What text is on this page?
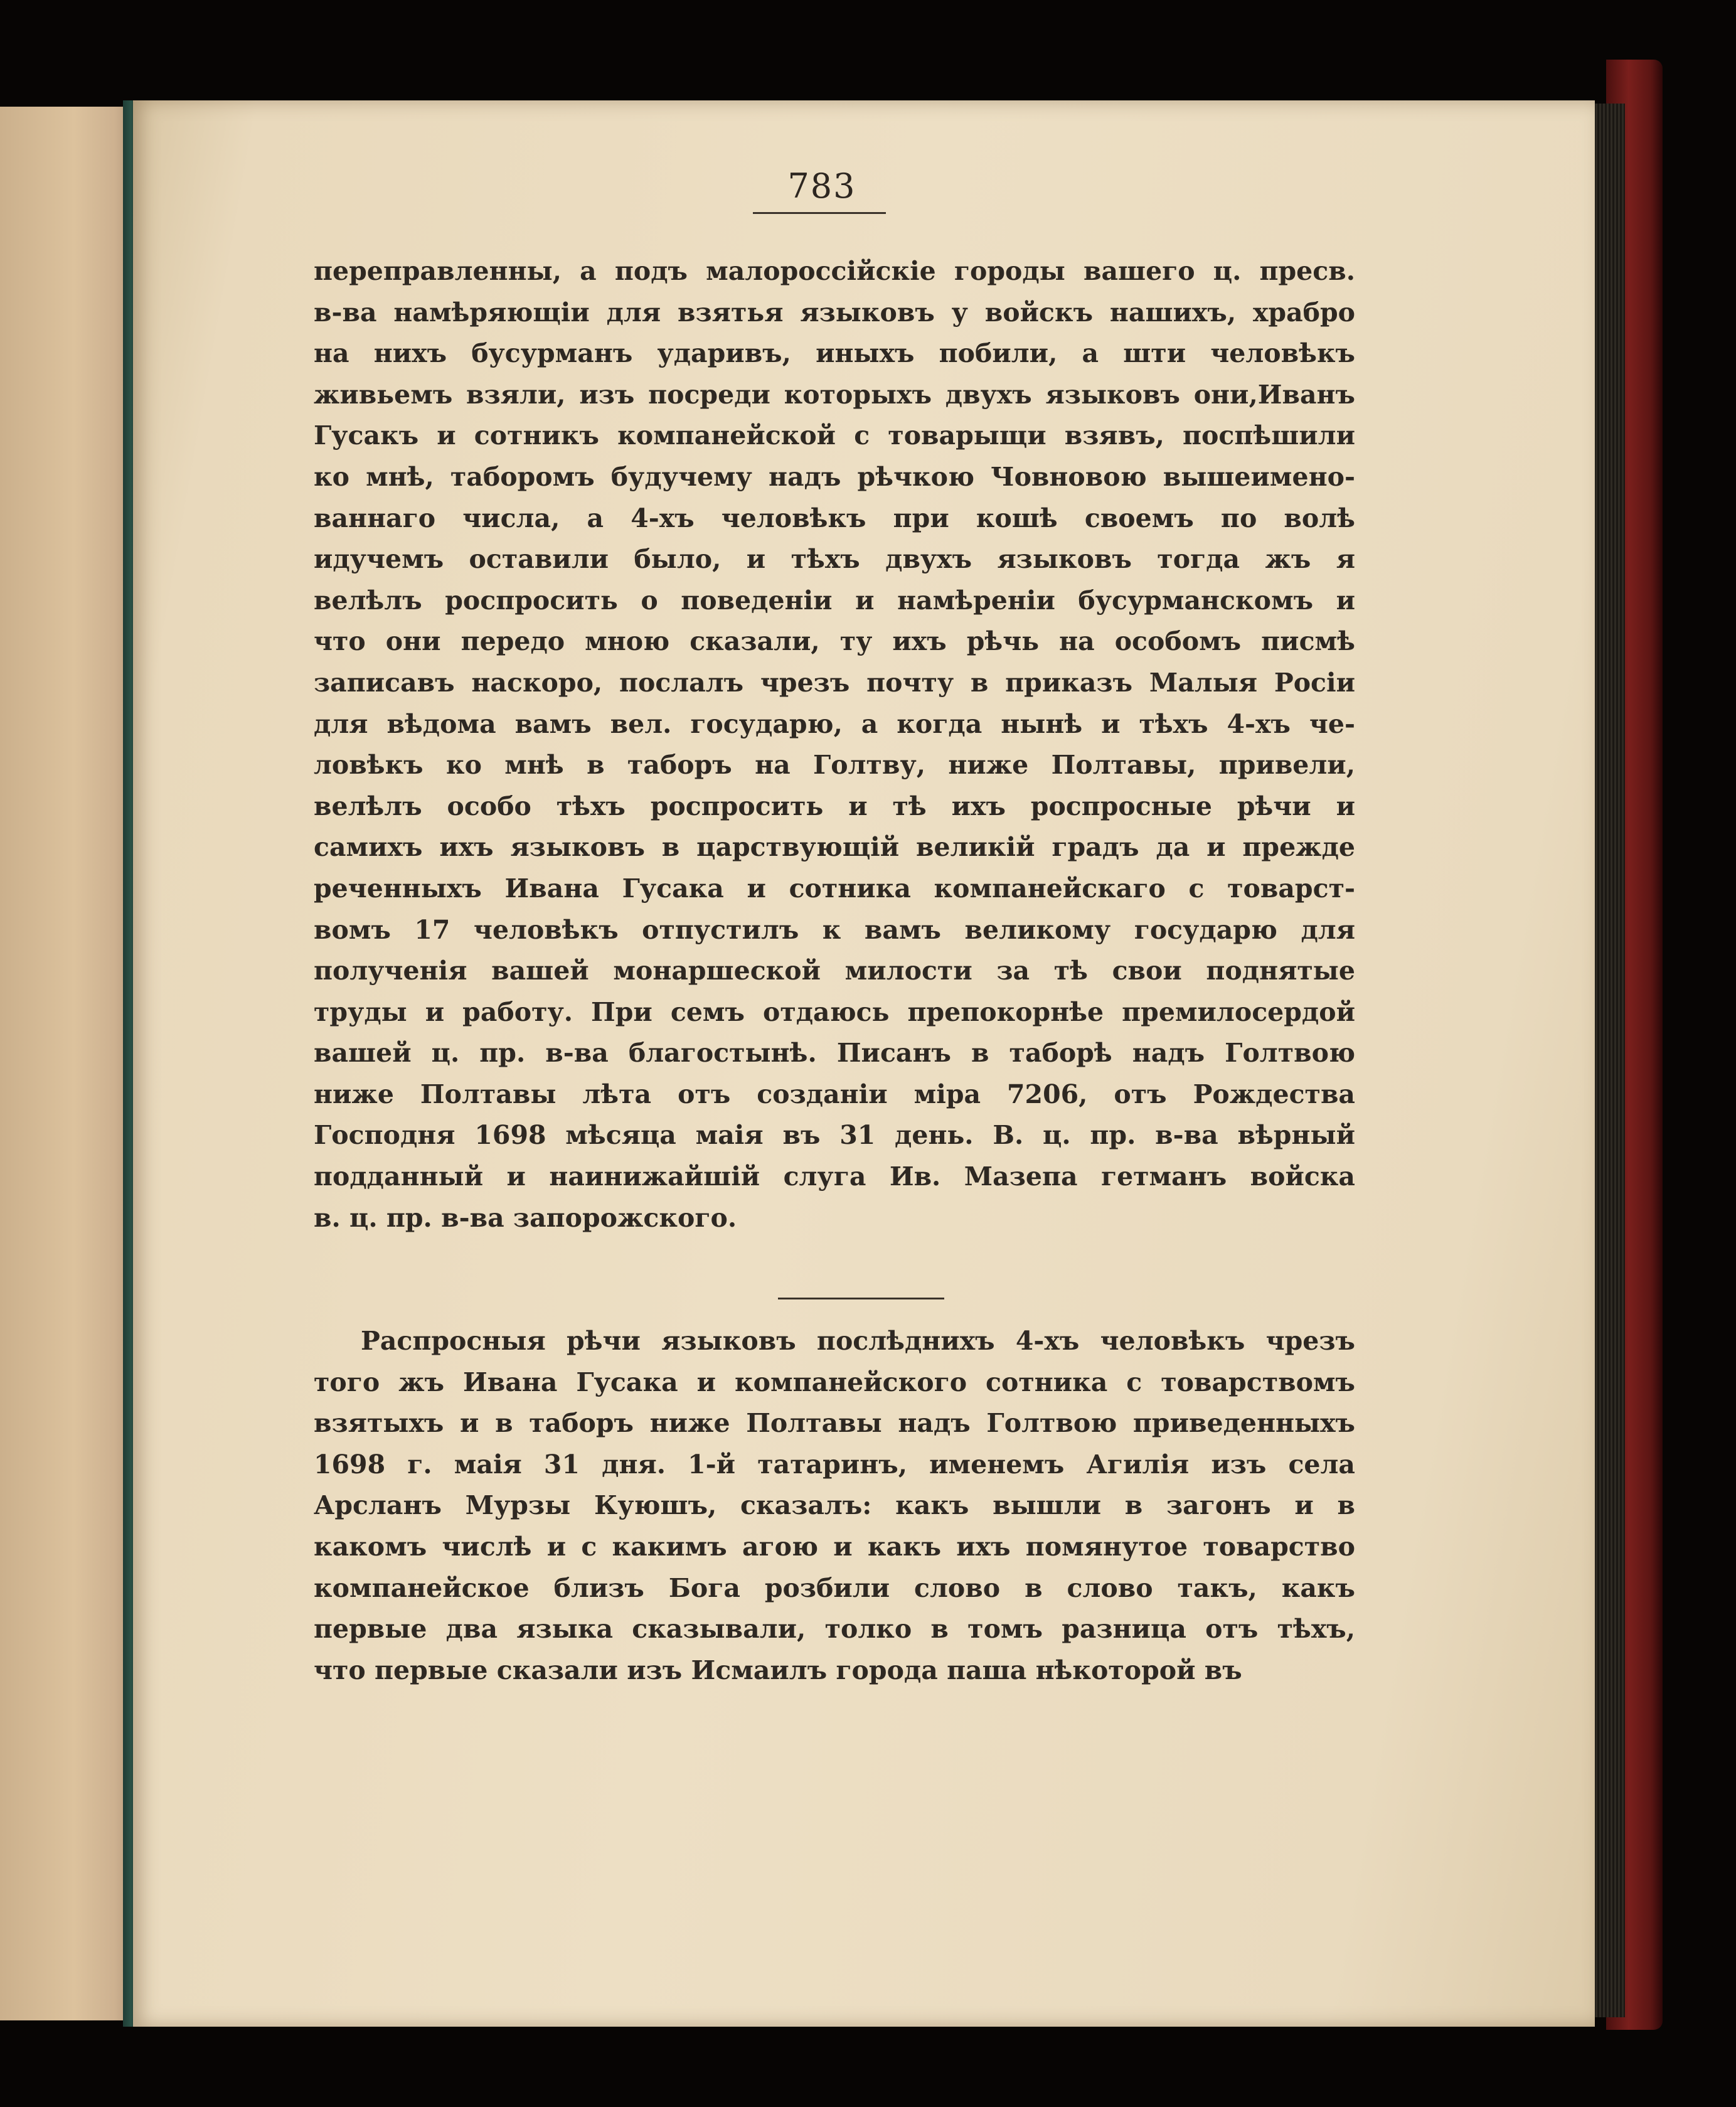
783
переправленны, а подъ малороссiйскiе городы вашего ц. пресв.
в-ва намѣряющiи для взятья языковъ у войскъ нашихъ, храбро
на нихъ бусурманъ ударивъ, иныхъ побили, а шти человѣкъ
живьемъ взяли, изъ посреди которыхъ двухъ языковъ они,Иванъ
Гусакъ и сотникъ компанейской с товарыщи взявъ, поспѣшили
ко мнѣ, таборомъ будучему надъ рѣчкою Човновою вышеимено-
ваннаго числа, а 4-хъ человѣкъ при кошѣ своемъ по волѣ
идучемъ оставили было, и тѣхъ двухъ языковъ тогда жъ я
велѣлъ роспросить о поведенiи и намѣренiи бусурманскомъ и
что они передо мною сказали, ту ихъ рѣчь на особомъ писмѣ
записавъ наскоро, послалъ чрезъ почту в приказъ Малыя Росiи
для вѣдома вамъ вел. государю, а когда нынѣ и тѣхъ 4-хъ че-
ловѣкъ ко мнѣ в таборъ на Голтву, ниже Полтавы, привели,
велѣлъ особо тѣхъ роспросить и тѣ ихъ роспросные рѣчи и
самихъ ихъ языковъ в царствующiй великiй градъ да и прежде
реченныхъ Ивана Гусака и сотника компанейскаго с товарст-
вомъ 17 человѣкъ отпустилъ к вамъ великому государю для
полученiя вашей монаршеской милости за тѣ свои поднятые
труды и работу. При семъ отдаюсь препокорнѣе премилосердой
вашей ц. пр. в-ва благостынѣ. Писанъ в таборѣ надъ Голтвою
ниже Полтавы лѣта отъ созданiи мiра 7206, отъ Рождества
Господня 1698 мѣсяца маiя въ 31 день. В. ц. пр. в-ва вѣрный
подданный и наинижайшiй слуга Ив. Мазепа гетманъ войска
в. ц. пр. в-ва запорожского.
Распросныя рѣчи языковъ послѣднихъ 4-хъ человѣкъ чрезъ
того жъ Ивана Гусака и компанейского сотника с товарствомъ
взятыхъ и в таборъ ниже Полтавы надъ Голтвою приведенныхъ
1698 г. маiя 31 дня. 1-й татаринъ, именемъ Агилiя изъ села
Арсланъ Мурзы Куюшъ, сказалъ: какъ вышли в загонъ и в
какомъ числѣ и с какимъ агою и какъ ихъ помянутое товарство
компанейское близъ Бога розбили слово в слово такъ, какъ
первые два языка сказывали, толко в томъ разница отъ тѣхъ,
что первые сказали изъ Исмаилъ города паша нѣкоторой въ
